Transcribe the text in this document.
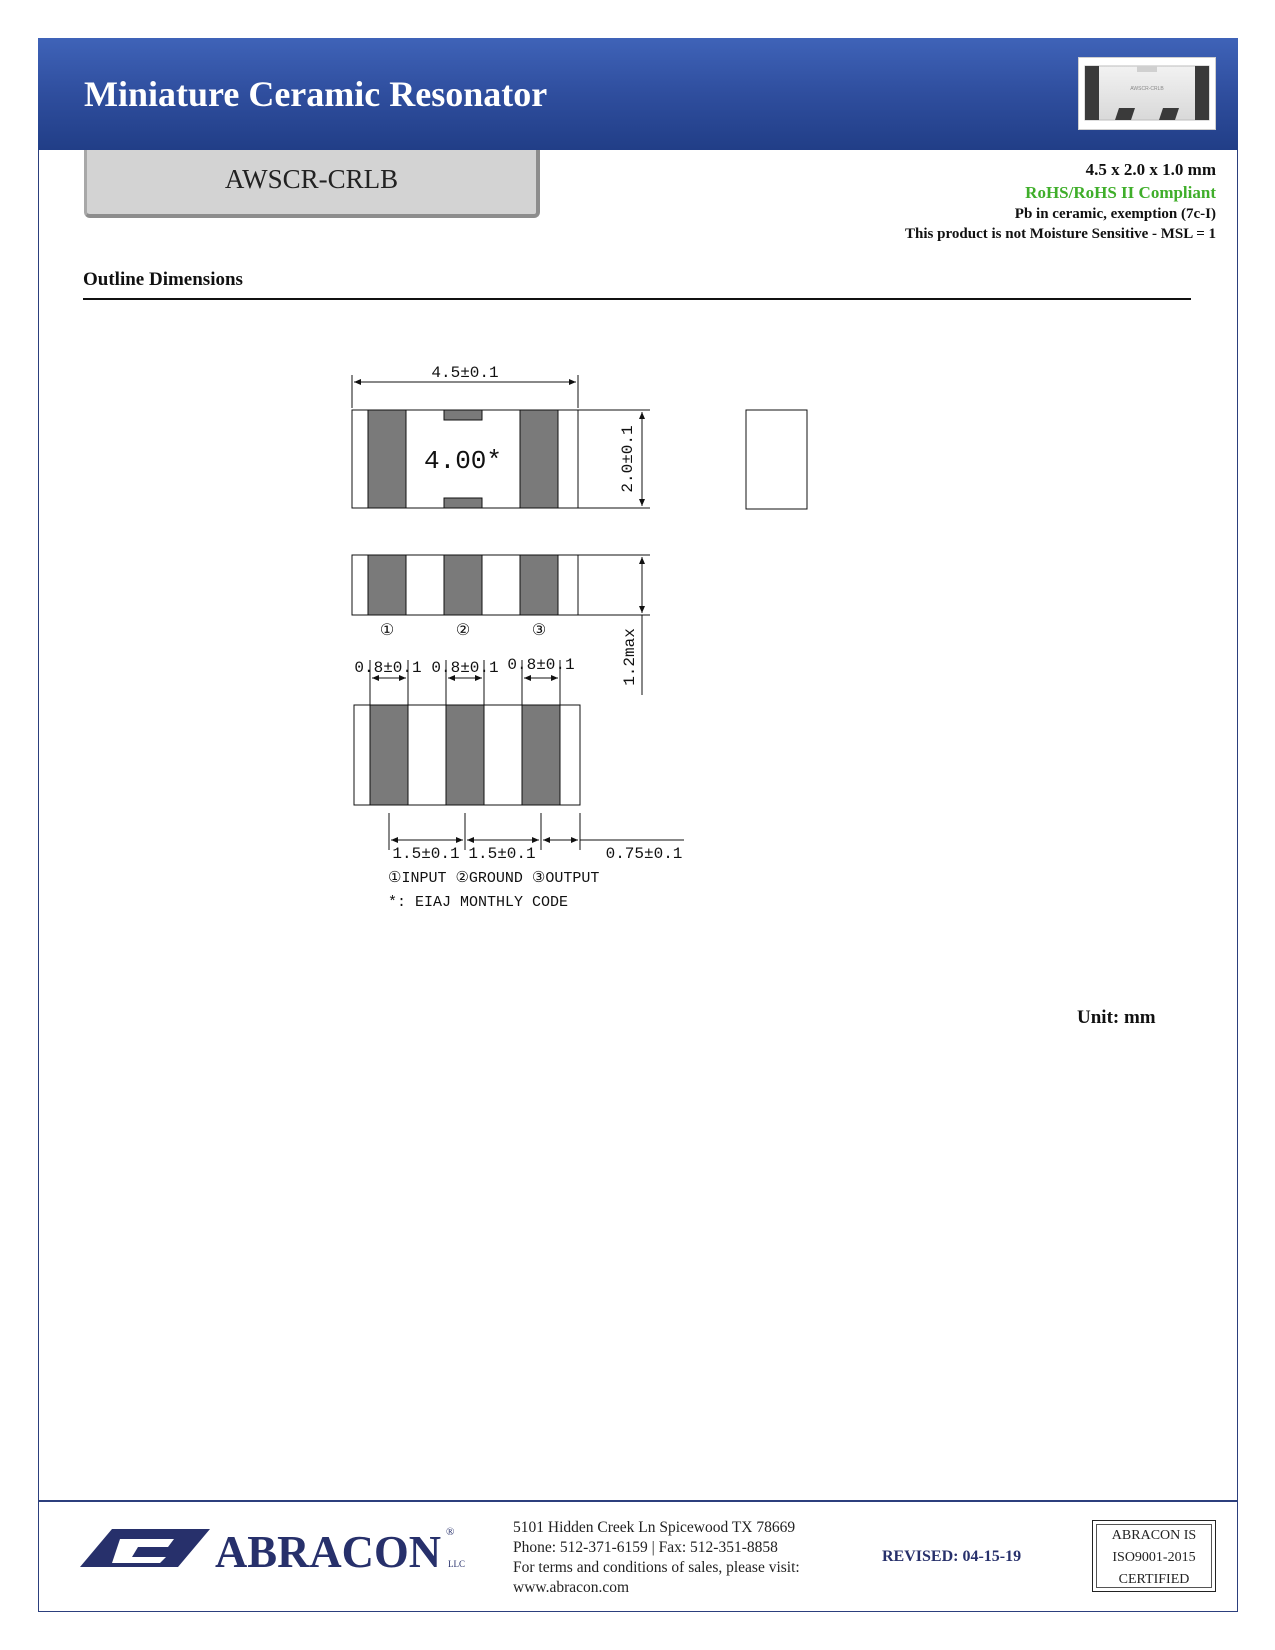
Miniature Ceramic Resonator	AWSCR-CRLB
AWSCR-CRLB	4.5 x 2.0 x 1.0 mm
RoHS/RoHS II Compliant
Pb in ceramic, exemption (7c-I)
This product is not Moisture Sensitive - MSL = 1
Outline Dimensions
4.5±0.1
4.00*	2.0±0.1
1.2max
①	②	③
0.8±0.1 0.8±0.1 0.8±0.1
1.5±0.1 1.5±0.1	0.75±0.1
①INPUT ②GROUND ③OUTPUT
*: EIAJ MONTHLY CODE
Unit: mm
ABRACON ®
LLC
5101 Hidden Creek Ln Spicewood TX 78669
Phone: 512-371-6159 | Fax: 512-351-8858
For terms and conditions of sales, please visit:
www.abracon.com
REVISED: 04-15-19
ABRACON IS
ISO9001-2015
CERTIFIED
